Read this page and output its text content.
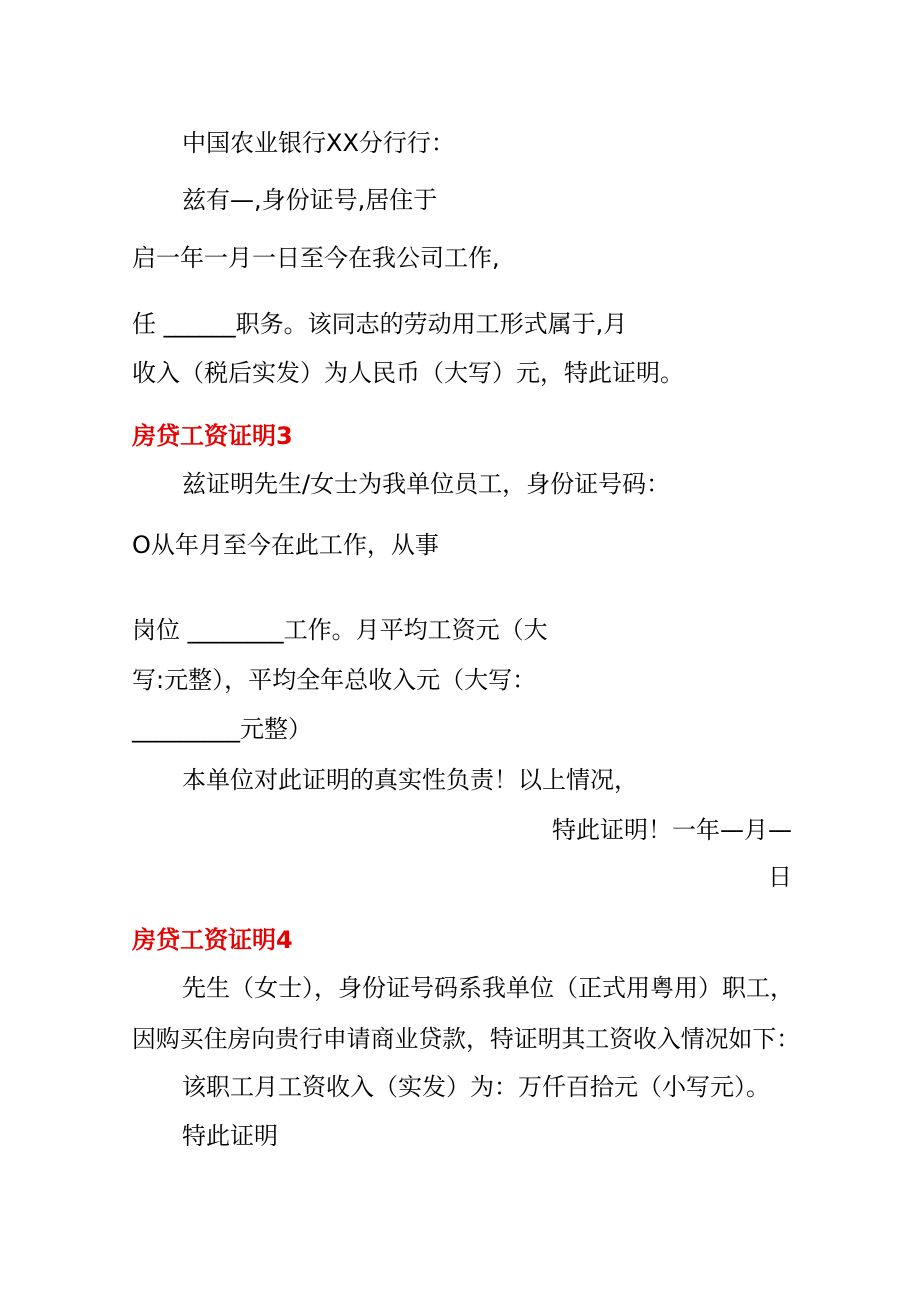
中国农业银行XX分行行：
兹有—,身份证号,居住于
启一年一月一日至今在我公司工作,
任 ______职务。该同志的劳动用工形式属于,月
收入（税后实发）为人民币（大写）元，特此证明。
房贷工资证明3
兹证明先生/女士为我单位员工，身份证号码：
O从年月至今在此工作，从事
岗位 ________工作。月平均工资元（大
写:元整），平均全年总收入元（大写：
_________元整）
本单位对此证明的真实性负责！以上情况，
特此证明！一年—月—
日
房贷工资证明4
先生（女士），身份证号码系我单位（正式用粤用）职工，
因购买住房向贵行申请商业贷款，特证明其工资收入情况如下：
该职工月工资收入（实发）为：万仟百拾元（小写元）。
特此证明
